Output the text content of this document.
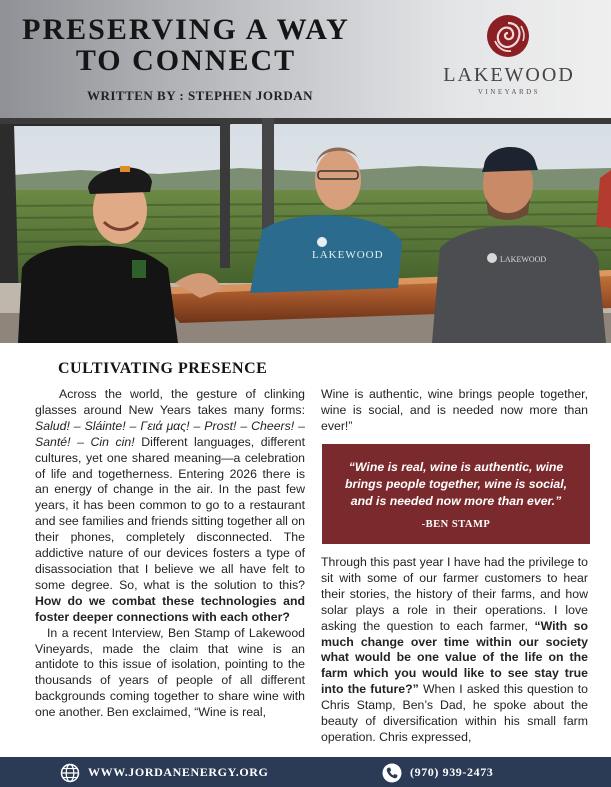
PRESERVING A WAY
TO CONNECT
WRITTEN BY : STEPHEN JORDAN
LAKEWOOD
VINEYARDS
LAKEWOOD	LAKEWOOD
CULTIVATING PRESENCE

Across the world, the gesture of clinking glasses around New Years takes many forms: Salud! – Sláinte! – Γειά μας! – Prost! – Cheers! – Santé! – Cin cin! Different languages, different cultures, yet one shared meaning—a celebration of life and togetherness. Entering 2026 there is an energy of change in the air. In the past few years, it has been common to go to a restaurant and see families and friends sitting together all on their phones, completely disconnected. The addictive nature of our devices fosters a type of disassociation that I believe we all have felt to some degree. So, what is the solution to this? How do we combat these technologies and foster deeper connections with each other?

In a recent Interview, Ben Stamp of Lakewood Vineyards, made the claim that wine is an antidote to this issue of isolation, pointing to the thousands of years of people of all different backgrounds coming together to share wine with one another. Ben exclaimed, “Wine is real,

Wine is authentic, wine brings people together, wine is social, and is needed now more than ever!”

“Wine is real, wine is authentic, wine brings people together, wine is social, and is needed now more than ever.”
-BEN STAMP

Through this past year I have had the privilege to sit with some of our farmer customers to hear their stories, the history of their farms, and how solar plays a role in their operations. I love asking the question to each farmer, “With so much change over time within our society what would be one value of the life on the farm which you would like to see stay true into the future?” When I asked this question to Chris Stamp, Ben’s Dad, he spoke about the beauty of diversification within his small farm operation. Chris expressed,

WWW.JORDANENERGY.ORG	(970) 939-2473
